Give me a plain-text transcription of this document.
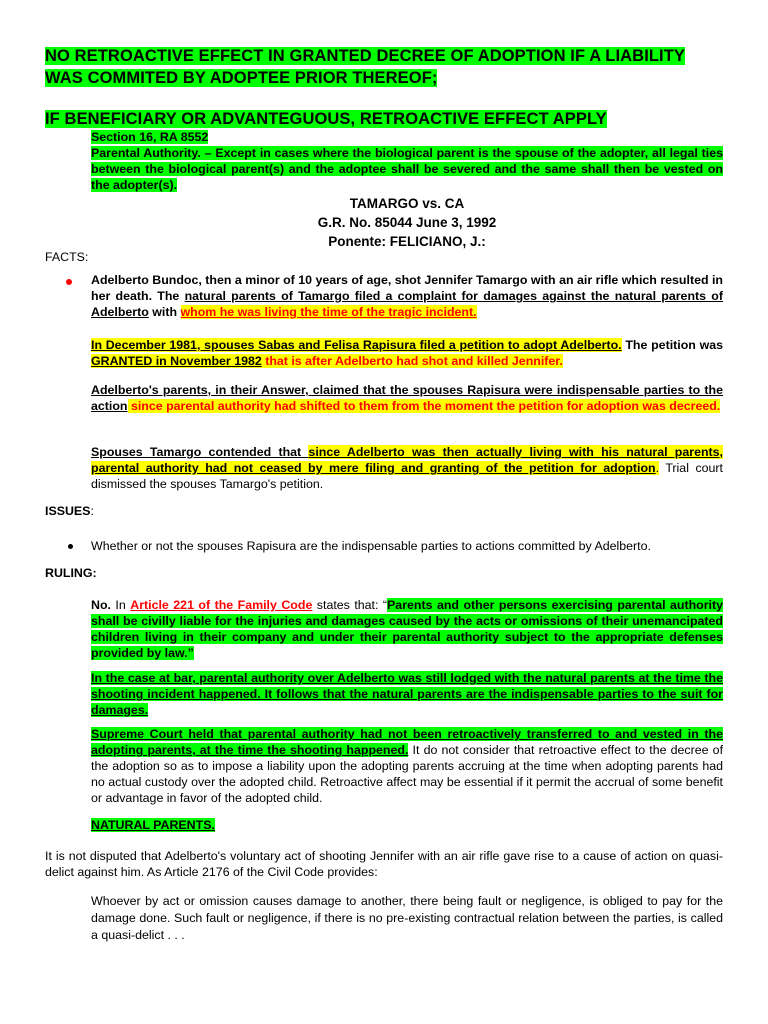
NO RETROACTIVE EFFECT IN GRANTED DECREE OF ADOPTION IF A LIABILITY
WAS COMMITED BY ADOPTEE PRIOR THEREOF;
IF BENEFICIARY OR ADVANTEGUOUS, RETROACTIVE EFFECT APPLY
Section 16, RA 8552
Parental Authority. – Except in cases where the biological parent is the spouse of the adopter, all legal ties between the biological parent(s) and the adoptee shall be severed and the same shall then be vested on the adopter(s).
TAMARGO vs. CA
G.R. No. 85044 June 3, 1992
Ponente: FELICIANO, J.:
FACTS:
Adelberto Bundoc, then a minor of 10 years of age, shot Jennifer Tamargo with an air rifle which resulted in her death. The natural parents of Tamargo filed a complaint for damages against the natural parents of Adelberto with whom he was living the time of the tragic incident.
In December 1981, spouses Sabas and Felisa Rapisura filed a petition to adopt Adelberto. The petition was GRANTED in November 1982 that is after Adelberto had shot and killed Jennifer.
Adelberto's parents, in their Answer, claimed that the spouses Rapisura were indispensable parties to the action since parental authority had shifted to them from the moment the petition for adoption was decreed.
Spouses Tamargo contended that since Adelberto was then actually living with his natural parents, parental authority had not ceased by mere filing and granting of the petition for adoption. Trial court dismissed the spouses Tamargo's petition.
ISSUES:
Whether or not the spouses Rapisura are the indispensable parties to actions committed by Adelberto.
RULING:
No. In Article 221 of the Family Code states that: “Parents and other persons exercising parental authority shall be civilly liable for the injuries and damages caused by the acts or omissions of their unemancipated children living in their company and under their parental authority subject to the appropriate defenses provided by law.”
In the case at bar, parental authority over Adelberto was still lodged with the natural parents at the time the shooting incident happened. It follows that the natural parents are the indispensable parties to the suit for damages.
Supreme Court held that parental authority had not been retroactively transferred to and vested in the adopting parents, at the time the shooting happened. It do not consider that retroactive effect to the decree of the adoption so as to impose a liability upon the adopting parents accruing at the time when adopting parents had no actual custody over the adopted child. Retroactive affect may be essential if it permit the accrual of some benefit or advantage in favor of the adopted child.
NATURAL PARENTS.
It is not disputed that Adelberto's voluntary act of shooting Jennifer with an air rifle gave rise to a cause of action on quasi-delict against him. As Article 2176 of the Civil Code provides:
Whoever by act or omission causes damage to another, there being fault or negligence, is obliged to pay for the damage done. Such fault or negligence, if there is no pre-existing contractual relation between the parties, is called a quasi-delict . . .
